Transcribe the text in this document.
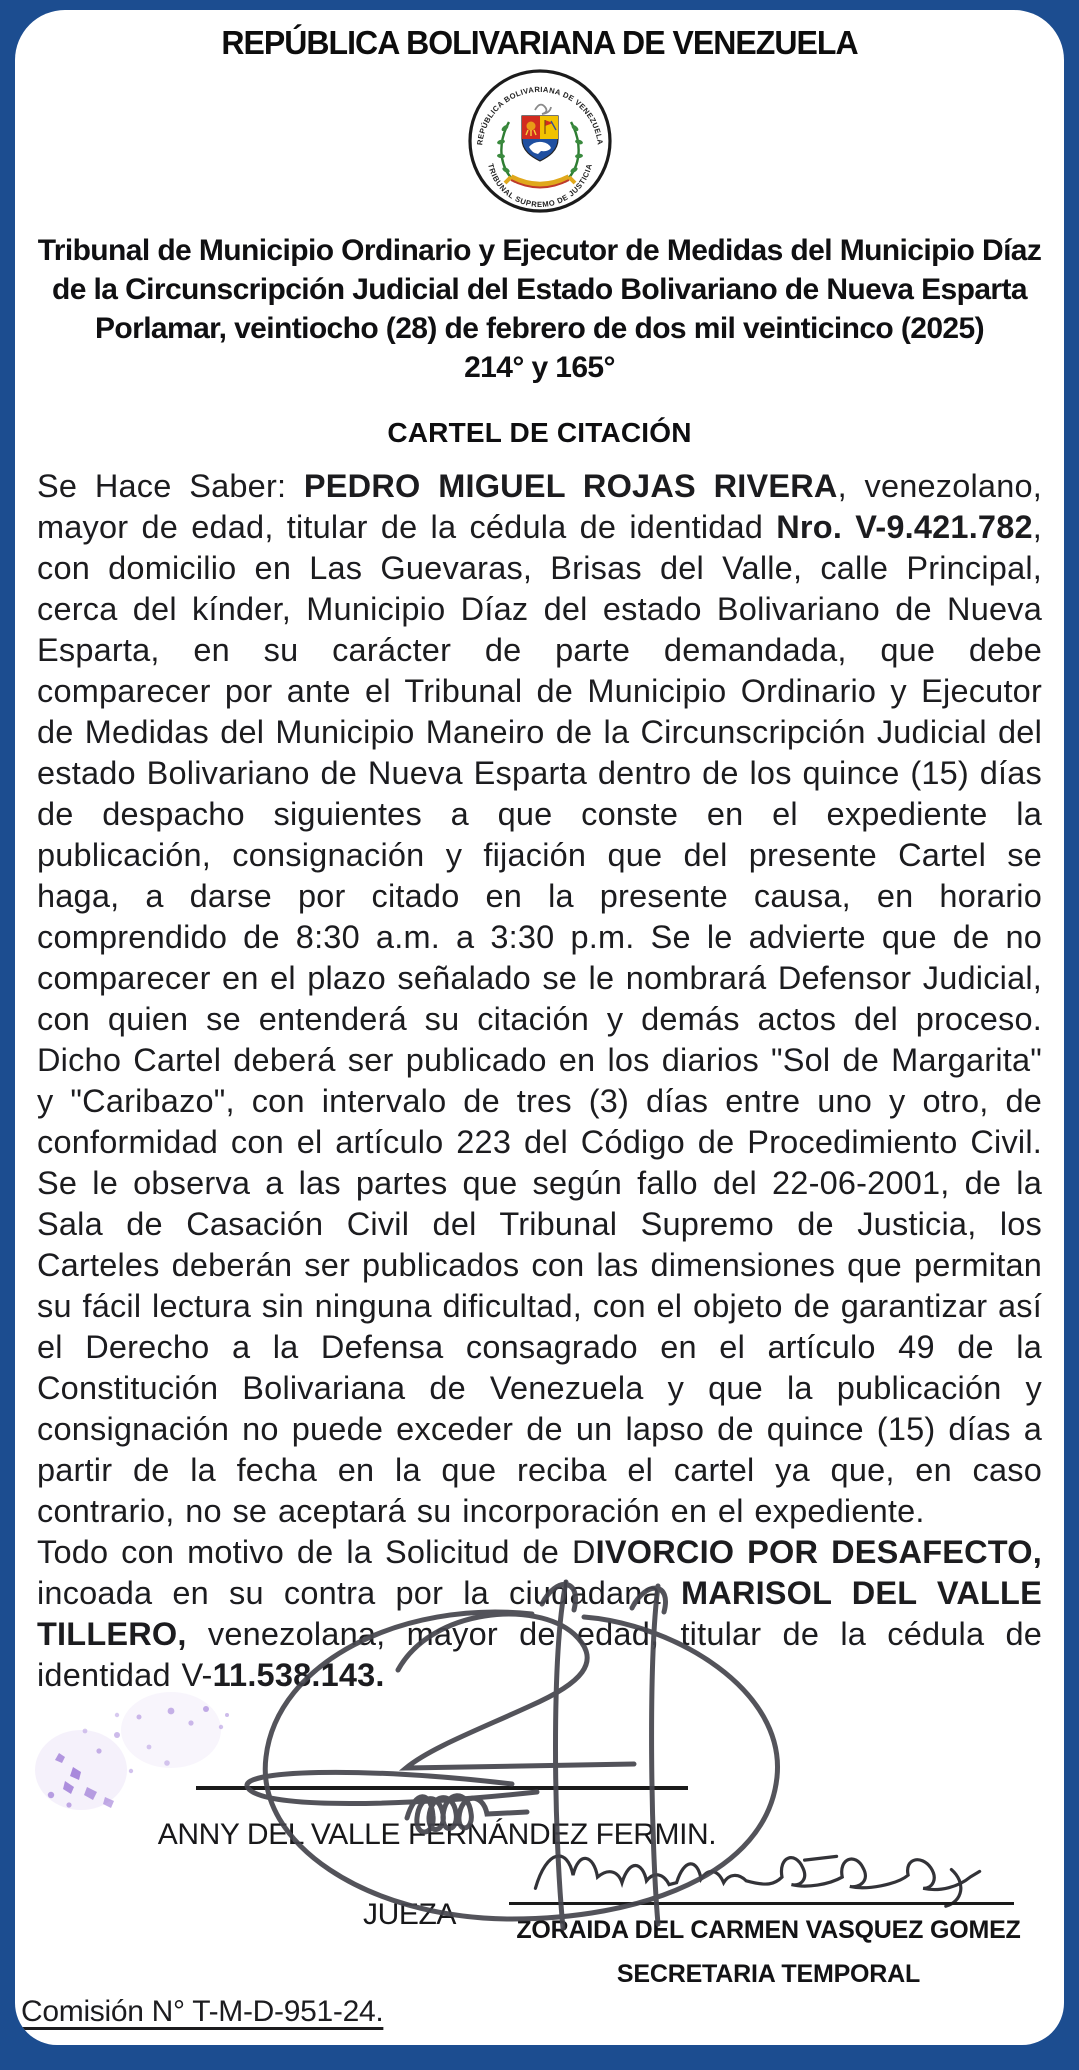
REPÚBLICA BOLIVARIANA DE VENEZUELA
REPÚBLICA BOLIVARIANA DE VENEZUELA
TRIBUNAL SUPREMO DE JUSTICIA
Tribunal de Municipio Ordinario y Ejecutor de Medidas del Municipio Díaz
de la Circunscripción Judicial del Estado Bolivariano de Nueva Esparta
Porlamar, veintiocho (28) de febrero de dos mil veinticinco (2025)
214° y 165°
CARTEL DE CITACIÓN

Se Hace Saber: PEDRO MIGUEL ROJAS RIVERA, venezolano, mayor de edad, titular de la cédula de identidad Nro. V-9.421.782, con domicilio en Las Guevaras, Brisas del Valle, calle Principal, cerca del kínder, Municipio Díaz del estado Bolivariano de Nueva Esparta, en su carácter de parte demandada, que debe comparecer por ante el Tribunal de Municipio Ordinario y Ejecutor de Medidas del Municipio Maneiro de la Circunscripción Judicial del estado Bolivariano de Nueva Esparta dentro de los quince (15) días de despacho siguientes a que conste en el expediente la publicación, consignación y fijación que del presente Cartel se haga, a darse por citado en la presente causa, en horario comprendido de 8:30 a.m. a 3:30 p.m. Se le advierte que de no comparecer en el plazo señalado se le nombrará Defensor Judicial, con quien se entenderá su citación y demás actos del proceso. Dicho Cartel deberá ser publicado en los diarios "Sol de Margarita" y "Caribazo", con intervalo de tres (3) días entre uno y otro, de conformidad con el artículo 223 del Código de Procedimiento Civil. Se le observa a las partes que según fallo del 22-06-2001, de la Sala de Casación Civil del Tribunal Supremo de Justicia, los Carteles deberán ser publicados con las dimensiones que permitan su fácil lectura sin ninguna dificultad, con el objeto de garantizar así el Derecho a la Defensa consagrado en el artículo 49 de la Constitución Bolivariana de Venezuela y que la publicación y consignación no puede exceder de un lapso de quince (15) días a partir de la fecha en la que reciba el cartel ya que, en caso contrario, no se aceptará su incorporación en el expediente.

Todo con motivo de la Solicitud de DIVORCIO POR DESAFECTO, incoada en su contra por la ciudadana MARISOL DEL VALLE TILLERO, venezolana, mayor de edad, titular de la cédula de identidad V-11.538.143.

ANNY DEL VALLE FERNÁNDEZ FERMIN.
JUEZA	ZORAIDA DEL CARMEN VASQUEZ GOMEZ
SECRETARIA TEMPORAL
Comisión N° T-M-D-951-24.
